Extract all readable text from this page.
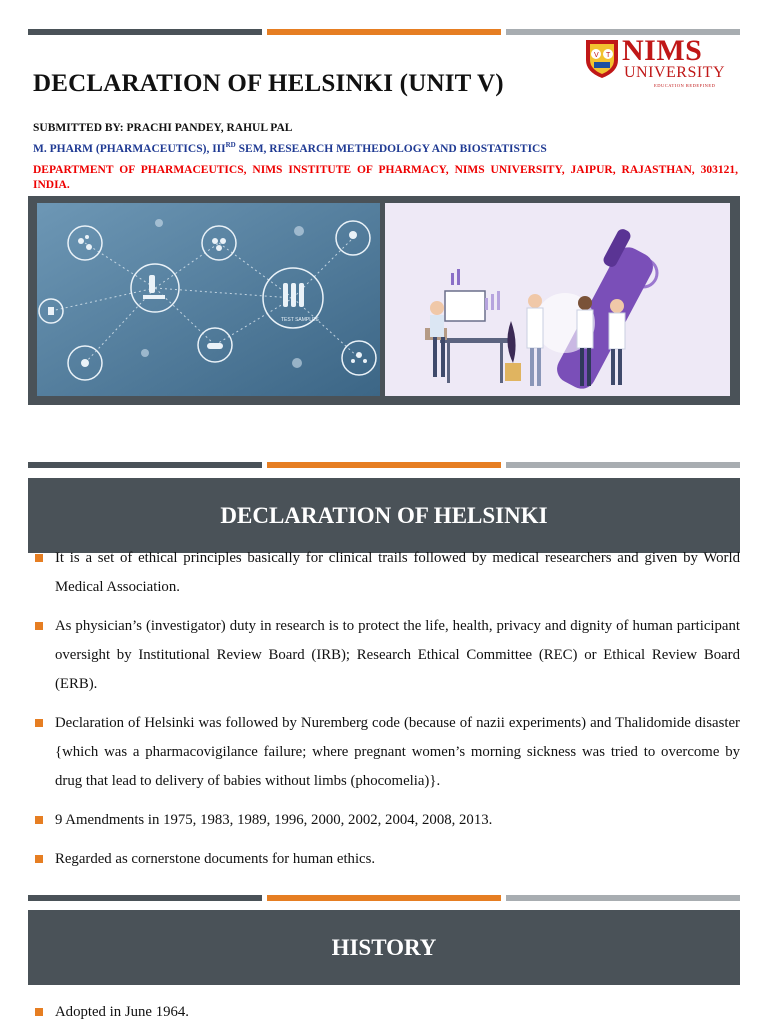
V T NIMS
UNIVERSITY
EDUCATION REDEFINED
DECLARATION OF HELSINKI (UNIT V)
SUBMITTED BY: PRACHI PANDEY, RAHUL PAL
M. PHARM (PHARMACEUTICS), IIIRD SEM, RESEARCH METHEDOLOGY AND BIOSTATISTICS
DEPARTMENT OF PHARMACEUTICS, NIMS INSTITUTE OF PHARMACY, NIMS UNIVERSITY, JAIPUR, RAJASTHAN, 303121, INDIA.
TEST SAMPLES
DECLARATION OF HELSINKI
It is a set of ethical principles basically for clinical trails followed by medical researchers and given by World Medical Association.
As physician’s (investigator) duty in research is to protect the life, health, privacy and dignity of human participant oversight by Institutional Review Board (IRB); Research Ethical Committee (REC) or Ethical Review Board (ERB).
Declaration of Helsinki was followed by Nuremberg code (because of nazii experiments) and Thalidomide disaster {which was a pharmacovigilance failure; where pregnant women’s morning sickness was tried to overcome by drug that lead to delivery of babies without limbs (phocomelia)}.
9 Amendments in 1975, 1983, 1989, 1996, 2000, 2002, 2004, 2008, 2013.
Regarded as cornerstone documents for human ethics.
HISTORY
Adopted in June 1964.
